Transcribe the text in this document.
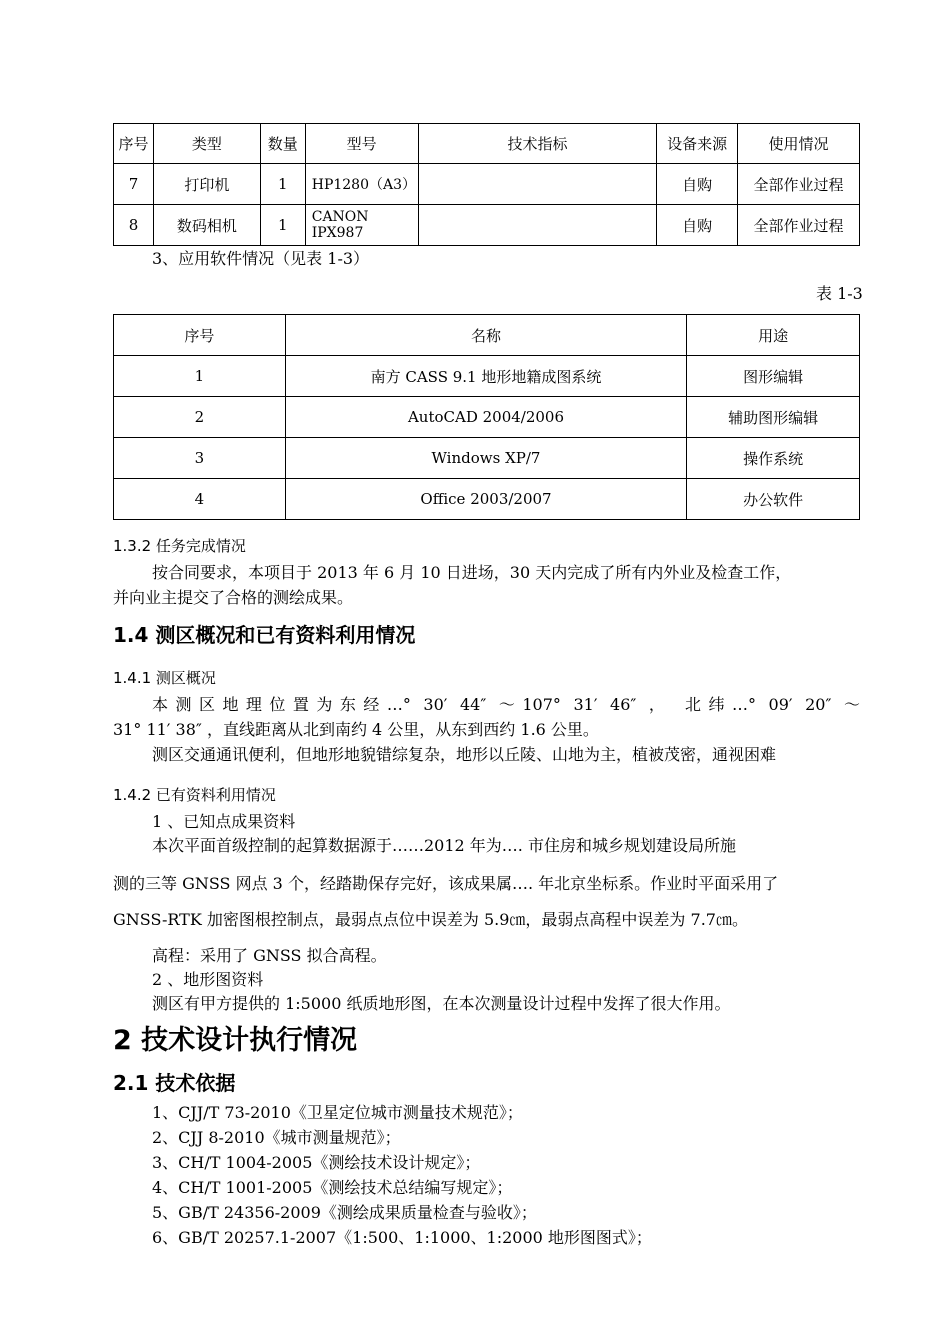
序号	类型	数量	型号	技术指标	设备来源	使用情况
7	打印机	1	HP1280（A3）		自购	全部作业过程
8	数码相机	1	CANON IPX987		自购	全部作业过程
3、应用软件情况（见表 1-3）
表 1-3
序号	名称	用途
1	南方 CASS 9.1 地形地籍成图系统	图形编辑
2	AutoCAD 2004/2006	辅助图形编辑
3	Windows XP/7	操作系统
4	Office 2003/2007	办公软件
1.3.2 任务完成情况
按合同要求，本项目于 2013 年 6 月 10 日进场，30 天内完成了所有内外业及检查工作，
并向业主提交了合格的测绘成果。
1.4 测区概况和已有资料利用情况
1.4.1 测区概况
本测区地理位置为东经…° 30′ 44″ ～107° 31′ 46″ ， 北纬…° 09′ 20″ ～
31° 11′ 38″ ，直线距离从北到南约 4 公里，从东到西约 1.6 公里。
测区交通通讯便利，但地形地貌错综复杂，地形以丘陵、山地为主，植被茂密，通视困难
1.4.2 已有资料利用情况
1 、已知点成果资料
本次平面首级控制的起算数据源于……2012 年为…. 市住房和城乡规划建设局所施
测的三等 GNSS 网点 3 个，经踏勘保存完好，该成果属…. 年北京坐标系。作业时平面采用了
GNSS-RTK 加密图根控制点，最弱点点位中误差为 5.9㎝，最弱点高程中误差为 7.7㎝。
高程：采用了 GNSS 拟合高程。
2 、地形图资料
测区有甲方提供的 1:5000 纸质地形图，在本次测量设计过程中发挥了很大作用。
2 技术设计执行情况
2.1 技术依据
1、CJJ/T 73-2010《卫星定位城市测量技术规范》；
2、CJJ 8-2010《城市测量规范》；
3、CH/T 1004-2005《测绘技术设计规定》；
4、CH/T 1001-2005《测绘技术总结编写规定》；
5、GB/T 24356-2009《测绘成果质量检查与验收》；
6、GB/T 20257.1-2007《1:500、1:1000、1:2000 地形图图式》；
